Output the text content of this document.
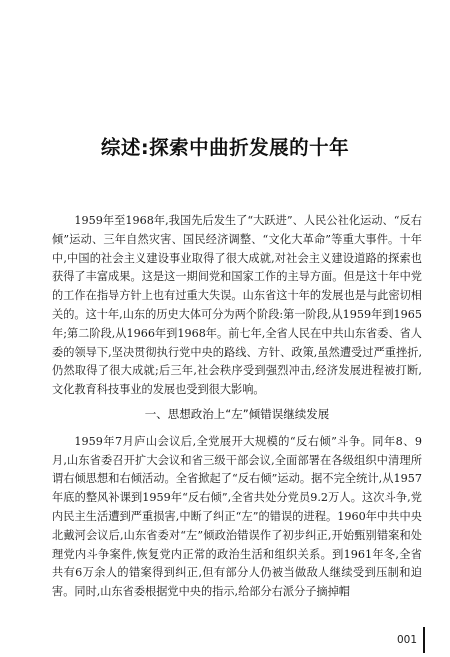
综述:探索中曲折发展的十年

1959年至1968年,我国先后发生了“大跃进”、人民公社化运动、“反右倾”运动、三年自然灾害、国民经济调整、“文化大革命”等重大事件。十年中,中国的社会主义建设事业取得了很大成就,对社会主义建设道路的探索也获得了丰富成果。这是这一期间党和国家工作的主导方面。但是这十年中党的工作在指导方针上也有过重大失误。山东省这十年的发展也是与此密切相关的。这十年,山东的历史大体可分为两个阶段:第一阶段,从1959年到1965年;第二阶段,从1966年到1968年。前七年,全省人民在中共山东省委、省人委的领导下,坚决贯彻执行党中央的路线、方针、政策,虽然遭受过严重挫折,仍然取得了很大成就;后三年,社会秩序受到强烈冲击,经济发展进程被打断,文化教育科技事业的发展也受到很大影响。

一、思想政治上“左”倾错误继续发展

1959年7月庐山会议后,全党展开大规模的“反右倾”斗争。同年8、9月,山东省委召开扩大会议和省三级干部会议,全面部署在各级组织中清理所谓右倾思想和右倾活动。全省掀起了“反右倾”运动。据不完全统计,从1957年底的整风补课到1959年“反右倾”,全省共处分党员9.2万人。这次斗争,党内民主生活遭到严重损害,中断了纠正“左”的错误的进程。1960年中共中央北戴河会议后,山东省委对“左”倾政治错误作了初步纠正,开始甄别错案和处理党内斗争案件,恢复党内正常的政治生活和组织关系。到1961年冬,全省共有6万余人的错案得到纠正,但有部分人仍被当做敌人继续受到压制和迫害。同时,山东省委根据党中央的指示,给部分右派分子摘掉帽

001
